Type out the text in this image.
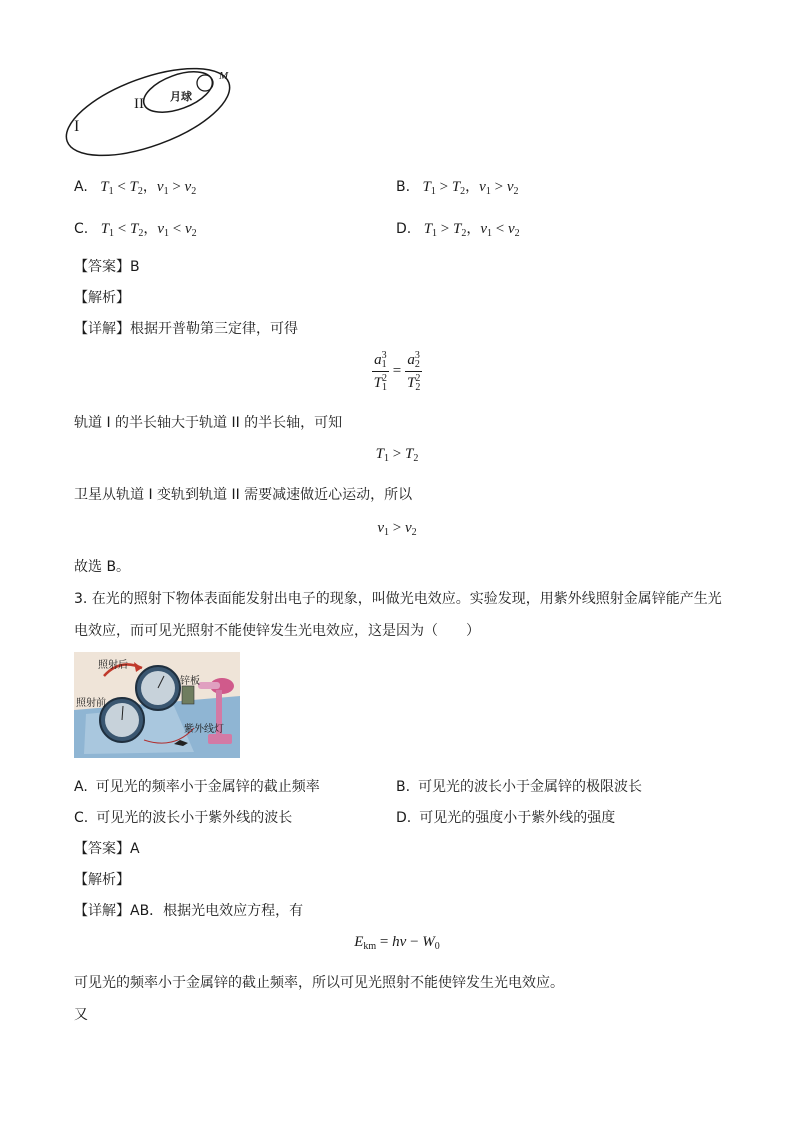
I
II 月球
M
A. $T_1 < T_2$，$v_1 > v_2$	B. $T_1 > T_2$，$v_1 > v_2$
C. $T_1 < T_2$，$v_1 < v_2$	D. $T_1 > T_2$，$v_1 < v_2$
【答案】B
【解析】
【详解】根据开普勒第三定律，可得
$\frac{a_1^3}{T_1^2} = \frac{a_2^3}{T_2^2}$
轨道 I 的半长轴大于轨道 II 的半长轴，可知
$T_1 > T_2$
卫星从轨道 I 变轨到轨道 II 需要减速做近心运动，所以
$v_1 > v_2$
故选 B。
3. 在光的照射下物体表面能发射出电子的现象，叫做光电效应。实验发现，用紫外线照射金属锌能产生光
电效应，而可见光照射不能使锌发生光电效应，这是因为（　　）
照射后
照射前
锌板
紫外线灯
A. 可见光的频率小于金属锌的截止频率	B. 可见光的波长小于金属锌的极限波长
C. 可见光的波长小于紫外线的波长	D. 可见光的强度小于紫外线的强度
【答案】A
【解析】
【详解】AB．根据光电效应方程，有
$E_{km} = h\nu - W_0$
可见光的频率小于金属锌的截止频率，所以可见光照射不能使锌发生光电效应。
又
